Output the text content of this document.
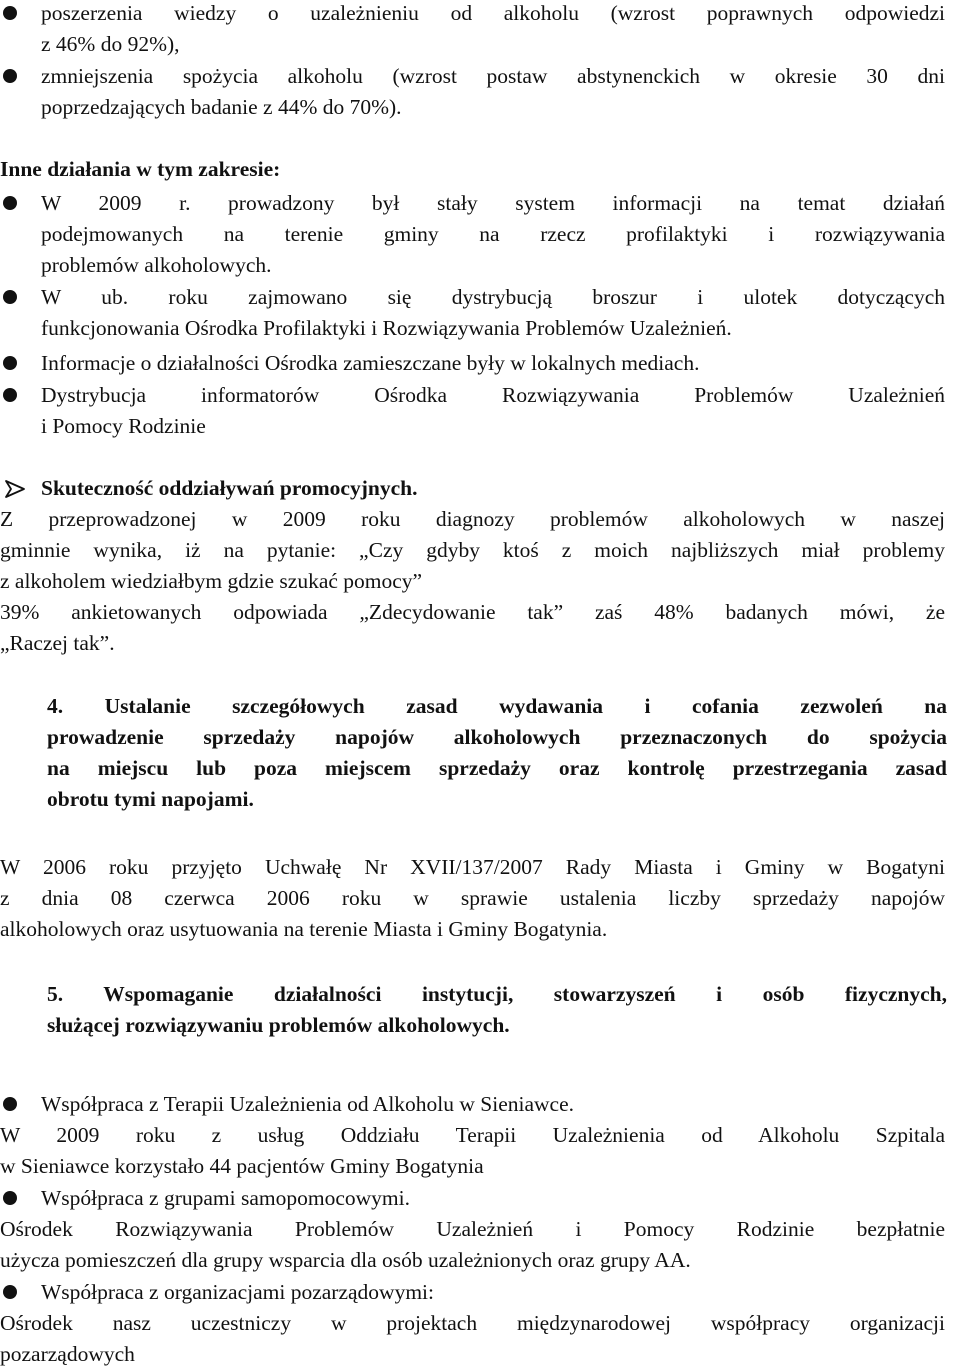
poszerzenia wiedzy o uzależnieniu od alkoholu (wzrost poprawnych odpowiedzi
z 46% do 92%),
zmniejszenia spożycia alkoholu (wzrost postaw abstynenckich w okresie 30 dni
poprzedzających badanie z 44% do 70%).
Inne działania w tym zakresie:
W 2009 r. prowadzony był stały system informacji na temat działań
podejmowanych na terenie gminy na rzecz profilaktyki i rozwiązywania
problemów alkoholowych.
W ub. roku zajmowano się dystrybucją broszur i ulotek dotyczących
funkcjonowania Ośrodka Profilaktyki i Rozwiązywania Problemów Uzależnień.
Informacje o działalności Ośrodka zamieszczane były w lokalnych mediach.
Dystrybucja informatorów Ośrodka Rozwiązywania Problemów Uzależnień
i Pomocy Rodzinie
Skuteczność oddziaływań promocyjnych.
Z przeprowadzonej w 2009 roku diagnozy problemów alkoholowych w naszej
gminnie wynika, iż na pytanie: „Czy gdyby ktoś z moich najbliższych miał problemy
z alkoholem wiedziałbym gdzie szukać pomocy”
39% ankietowanych odpowiada „Zdecydowanie tak” zaś 48% badanych mówi, że
„Raczej tak”.
4. Ustalanie szczegółowych zasad wydawania i cofania zezwoleń na
prowadzenie sprzedaży napojów alkoholowych przeznaczonych do spożycia
na miejscu lub poza miejscem sprzedaży oraz kontrolę przestrzegania zasad
obrotu tymi napojami.
W 2006 roku przyjęto Uchwałę Nr XVII/137/2007 Rady Miasta i Gminy w Bogatyni
z dnia 08 czerwca 2006 roku w sprawie ustalenia liczby sprzedaży napojów
alkoholowych oraz usytuowania na terenie Miasta i Gminy Bogatynia.
5. Wspomaganie działalności instytucji, stowarzyszeń i osób fizycznych,
służącej rozwiązywaniu problemów alkoholowych.
Współpraca z Terapii Uzależnienia od Alkoholu w Sieniawce.
W 2009 roku z usług Oddziału Terapii Uzależnienia od Alkoholu Szpitala
w Sieniawce korzystało 44 pacjentów Gminy Bogatynia
Współpraca z grupami samopomocowymi.
Ośrodek Rozwiązywania Problemów Uzależnień i Pomocy Rodzinie bezpłatnie
użycza pomieszczeń dla grupy wsparcia dla osób uzależnionych oraz grupy AA.
Współpraca z organizacjami pozarządowymi:
Ośrodek nasz uczestniczy w projektach międzynarodowej współpracy organizacji
pozarządowych
